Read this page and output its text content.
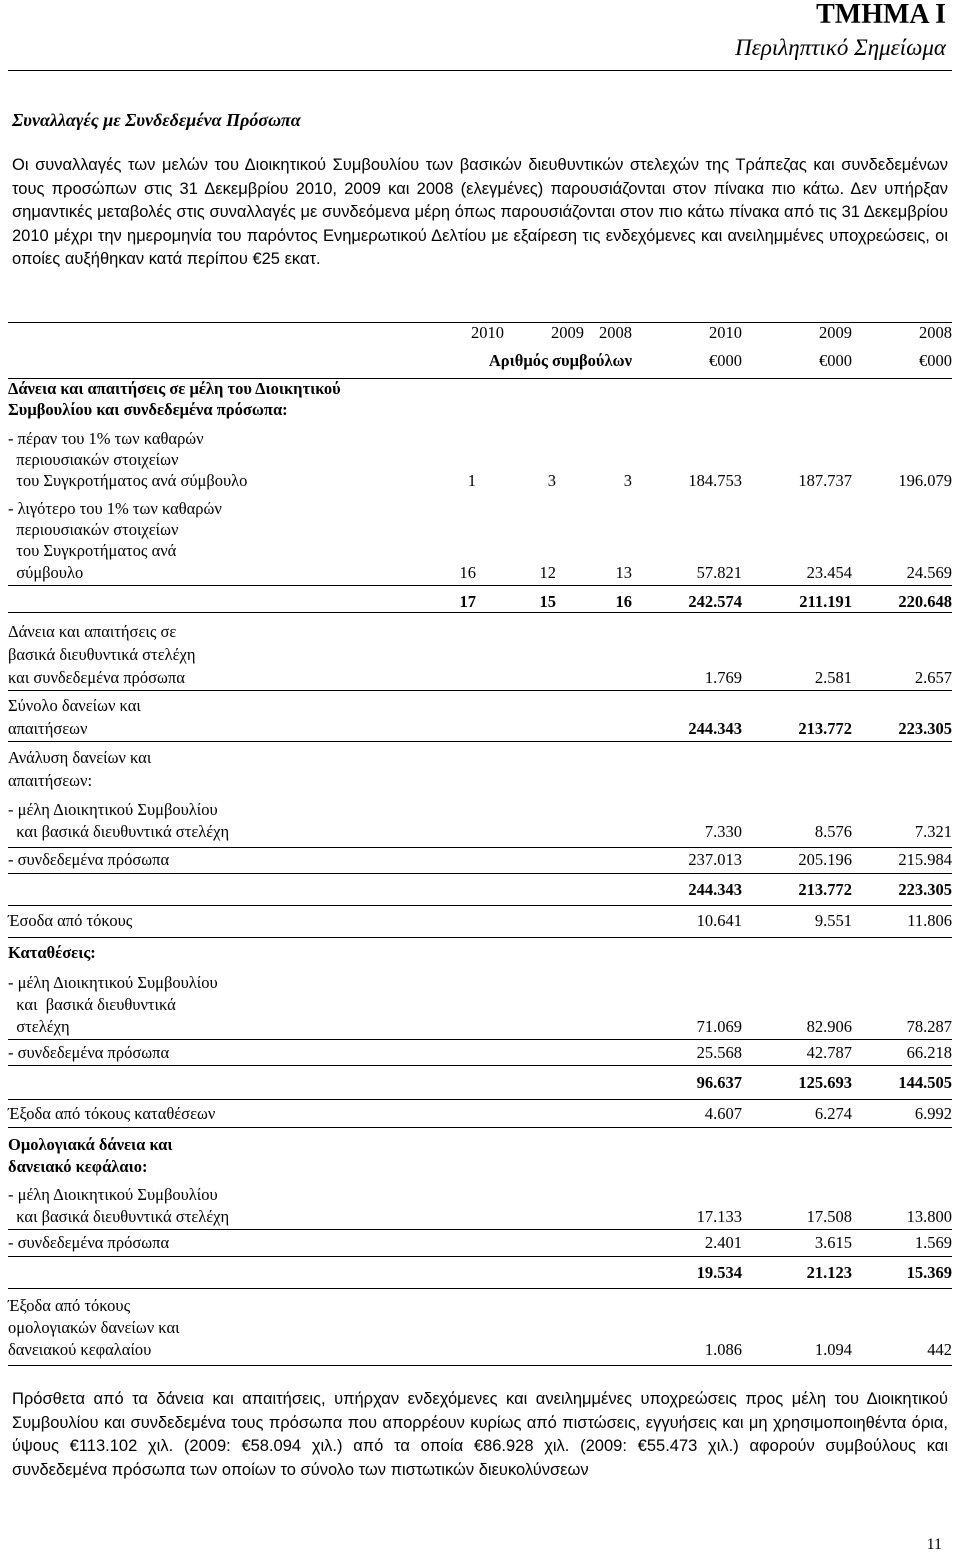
ΤΜΗΜΑ Ι
Περιληπτικό Σημείωμα
Συναλλαγές με Συνδεδεμένα Πρόσωπα

Οι συναλλαγές των μελών του Διοικητικού Συμβουλίου των βασικών διευθυντικών στελεχών της Τράπεζας και συνδεδεμένων τους προσώπων στις 31 Δεκεμβρίου 2010, 2009 και 2008 (ελεγμένες) παρουσιάζονται στον πίνακα πιο κάτω. Δεν υπήρξαν σημαντικές μεταβολές στις συναλλαγές με συνδεόμενα μέρη όπως παρουσιάζονται στον πιο κάτω πίνακα από τις 31 Δεκεμβρίου 2010 μέχρι την ημερομηνία του παρόντος Ενημερωτικού Δελτίου με εξαίρεση τις ενδεχόμενες και ανειλημμένες υποχρεώσεις, οι οποίες αυξήθηκαν κατά περίπου €25 εκατ.

2010	2009 2008	2010	2009	2008
Αριθμός συμβούλων	€000	€000	€000
Δάνεια και απαιτήσεις σε μέλη του Διοικητικού
Συμβουλίου και συνδεδεμένα πρόσωπα:
- πέραν του 1% των καθαρών
περιουσιακών στοιχείων
του Συγκροτήματος ανά σύμβουλο	1	3	3	184.753	187.737	196.079
- λιγότερο του 1% των καθαρών
περιουσιακών στοιχείων
του Συγκροτήματος ανά
σύμβουλο	16	12	13	57.821	23.454	24.569
17	15	16	242.574	211.191	220.648
Δάνεια και απαιτήσεις σε
βασικά διευθυντικά στελέχη
και συνδεδεμένα πρόσωπα	1.769	2.581	2.657
Σύνολο δανείων και
απαιτήσεων	244.343	213.772	223.305
Ανάλυση δανείων και
απαιτήσεων:
- μέλη Διοικητικού Συμβουλίου
και βασικά διευθυντικά στελέχη	7.330	8.576	7.321
- συνδεδεμένα πρόσωπα	237.013	205.196	215.984
244.343	213.772	223.305
Έσοδα από τόκους	10.641	9.551	11.806
Καταθέσεις:
- μέλη Διοικητικού Συμβουλίου
και  βασικά διευθυντικά
στελέχη	71.069	82.906	78.287
- συνδεδεμένα πρόσωπα	25.568	42.787	66.218
96.637	125.693	144.505
Έξοδα από τόκους καταθέσεων	4.607	6.274	6.992
Ομολογιακά δάνεια και
δανειακό κεφάλαιο:
- μέλη Διοικητικού Συμβουλίου
και βασικά διευθυντικά στελέχη	17.133	17.508	13.800
- συνδεδεμένα πρόσωπα	2.401	3.615	1.569
19.534	21.123	15.369
Έξοδα από τόκους
ομολογιακών δανείων και
δανειακού κεφαλαίου	1.086	1.094	442

Πρόσθετα από τα δάνεια και απαιτήσεις, υπήρχαν ενδεχόμενες και ανειλημμένες υποχρεώσεις προς μέλη του Διοικητικού Συμβουλίου και συνδεδεμένα τους πρόσωπα που απορρέουν κυρίως από πιστώσεις, εγγυήσεις και μη χρησιμοποιηθέντα όρια, ύψους €113.102 χιλ. (2009: €58.094 χιλ.) από τα οποία €86.928 χιλ. (2009: €55.473 χιλ.) αφορούν συμβούλους και συνδεδεμένα πρόσωπα των οποίων το σύνολο των πιστωτικών διευκολύνσεων

11
